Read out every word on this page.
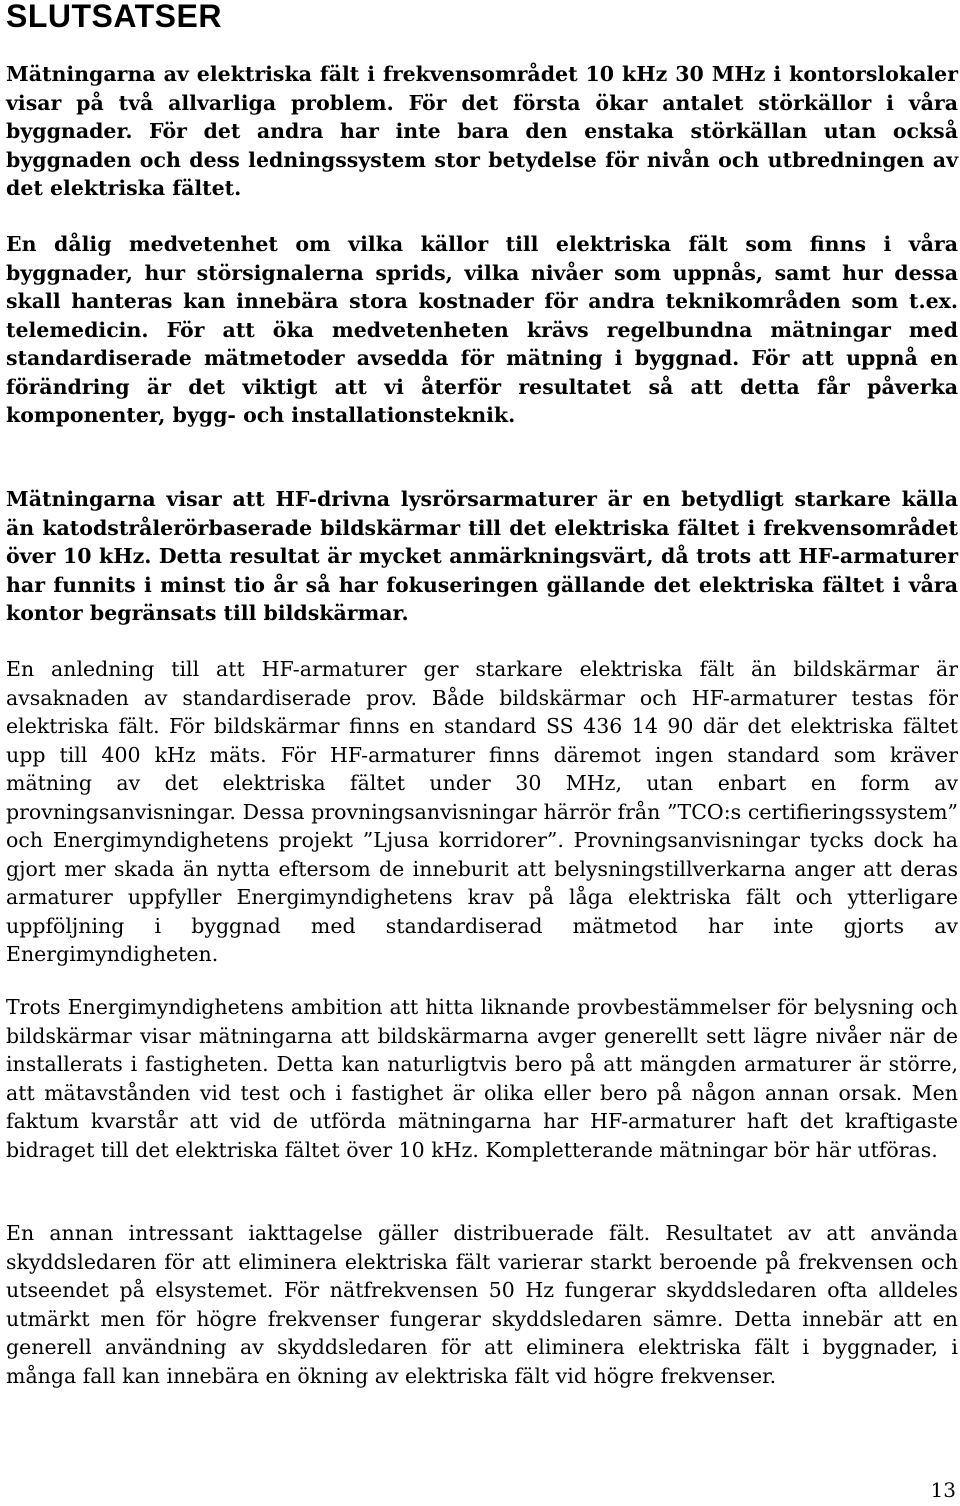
SLUTSATSER

Mätningarna av elektriska fält i frekvensområdet 10 kHz 30 MHz i kontorslokaler visar på två allvarliga problem. För det första ökar antalet störkällor i våra byggnader. För det andra har inte bara den enstaka störkällan utan också byggnaden och dess ledningssystem stor betydelse för nivån och utbredningen av det elektriska fältet.

En dålig medvetenhet om vilka källor till elektriska fält som finns i våra byggnader, hur störsignalerna sprids, vilka nivåer som uppnås, samt hur dessa skall hanteras kan innebära stora kostnader för andra teknikområden som t.ex. telemedicin. För att öka medvetenheten krävs regelbundna mätningar med standardiserade mätmetoder avsedda för mätning i byggnad. För att uppnå en förändring är det viktigt att vi återför resultatet så att detta får påverka komponenter, bygg- och installationsteknik.

Mätningarna visar att HF-drivna lysrörsarmaturer är en betydligt starkare källa än katodstrålerörbaserade bildskärmar till det elektriska fältet i frekvensområdet över 10 kHz. Detta resultat är mycket anmärkningsvärt, då trots att HF-armaturer har funnits i minst tio år så har fokuseringen gällande det elektriska fältet i våra kontor begränsats till bildskärmar.

En anledning till att HF-armaturer ger starkare elektriska fält än bildskärmar är avsaknaden av standardiserade prov. Både bildskärmar och HF-armaturer testas för elektriska fält. För bildskärmar finns en standard SS 436 14 90 där det elektriska fältet upp till 400 kHz mäts. För HF-armaturer finns däremot ingen standard som kräver mätning av det elektriska fältet under 30 MHz, utan enbart en form av provningsanvisningar. Dessa provningsanvisningar härrör från ”TCO:s certifieringssystem” och Energimyndighetens projekt ”Ljusa korridorer”. Provningsanvisningar tycks dock ha gjort mer skada än nytta eftersom de inneburit att belysningstillverkarna anger att deras armaturer uppfyller Energimyndighetens krav på låga elektriska fält och ytterligare uppföljning i byggnad med standardiserad mätmetod har inte gjorts av Energimyndigheten.

Trots Energimyndighetens ambition att hitta liknande provbestämmelser för belysning och bildskärmar visar mätningarna att bildskärmarna avger generellt sett lägre nivåer när de installerats i fastigheten. Detta kan naturligtvis bero på att mängden armaturer är större, att mätavstånden vid test och i fastighet är olika eller bero på någon annan orsak. Men faktum kvarstår att vid de utförda mätningarna har HF-armaturer haft det kraftigaste bidraget till det elektriska fältet över 10 kHz. Kompletterande mätningar bör här utföras.

En annan intressant iakttagelse gäller distribuerade fält. Resultatet av att använda skyddsledaren för att eliminera elektriska fält varierar starkt beroende på frekvensen och utseendet på elsystemet. För nätfrekvensen 50 Hz fungerar skyddsledaren ofta alldeles utmärkt men för högre frekvenser fungerar skyddsledaren sämre. Detta innebär att en generell användning av skyddsledaren för att eliminera elektriska fält i byggnader, i många fall kan innebära en ökning av elektriska fält vid högre frekvenser.

13
